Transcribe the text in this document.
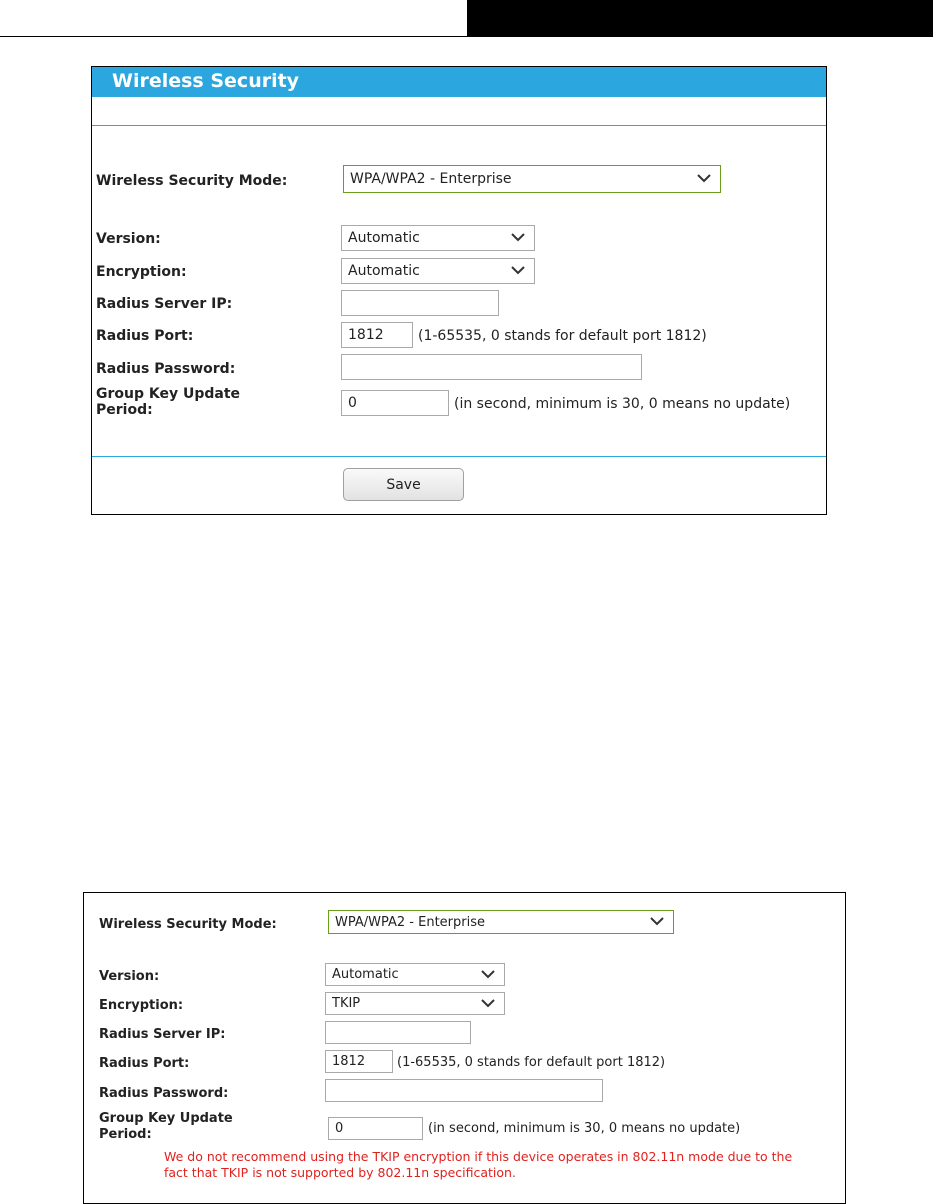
Wireless Security
Wireless Security Mode:	WPA/WPA2 - Enterprise
Version:	Automatic
Encryption:	Automatic
Radius Server IP:
Radius Port:	1812	(1-65535, 0 stands for default port 1812)
Radius Password:
Group Key Update
Period:	0	(in second, minimum is 30, 0 means no update)
Save
Wireless Security Mode:	WPA/WPA2 - Enterprise
Version:	Automatic
Encryption:	TKIP
Radius Server IP:
Radius Port:	1812	(1-65535, 0 stands for default port 1812)
Radius Password:
Group Key Update
Period:	0	(in second, minimum is 30, 0 means no update)
We do not recommend using the TKIP encryption if this device operates in 802.11n mode due to the
fact that TKIP is not supported by 802.11n specification.
